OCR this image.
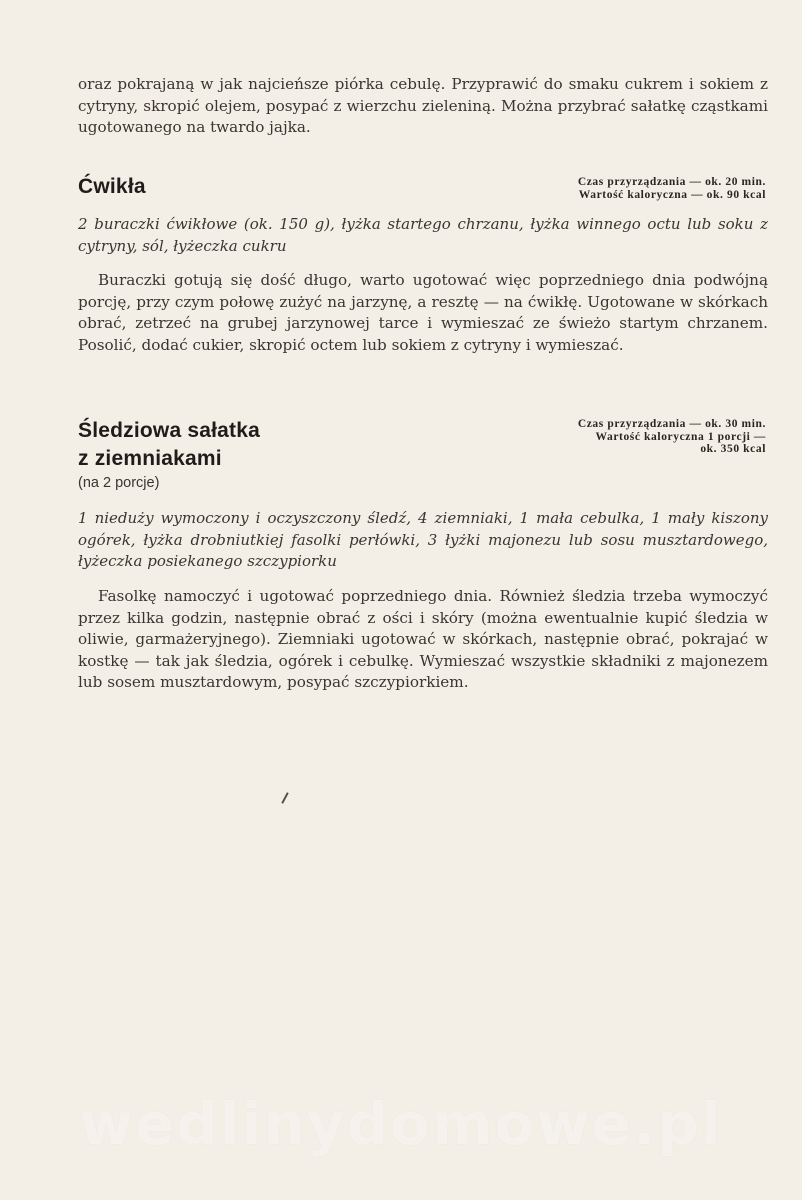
oraz pokrajaną w jak najcieńsze piórka cebulę. Przyprawić do smaku cukrem i sokiem z cytryny, skropić olejem, posypać z wierzchu zieleniną. Można przybrać sałatkę cząstkami ugotowanego na twardo jajka.

Ćwikła	Czas przyrządzania — ok. 20 min.
Wartość kaloryczna — ok. 90 kcal

2 buraczki ćwikłowe (ok. 150 g), łyżka startego chrzanu, łyżka winnego octu lub soku z cytryny, sól, łyżeczka cukru

Buraczki gotują się dość długo, warto ugotować więc poprzedniego dnia podwójną porcję, przy czym połowę zużyć na jarzynę, a resztę — na ćwikłę. Ugotowane w skórkach obrać, zetrzeć na grubej jarzynowej tarce i wymieszać ze świeżo startym chrzanem. Posolić, dodać cukier, skropić octem lub sokiem z cytryny i wymieszać.

Śledziowa sałatka
z ziemniakami

(na 2 porcje)

Czas przyrządzania — ok. 30 min.
Wartość kaloryczna 1 porcji —
ok. 350 kcal

1 nieduży wymoczony i oczyszczony śledź, 4 ziemniaki, 1 mała cebulka, 1 mały kiszony ogórek, łyżka drobniutkiej fasolki perłówki, 3 łyżki majonezu lub sosu musztardowego, łyżeczka posiekanego szczypiorku

Fasolkę namoczyć i ugotować poprzedniego dnia. Również śledzia trzeba wymoczyć przez kilka godzin, następnie obrać z ości i skóry (można ewentualnie kupić śledzia w oliwie, garmażeryjnego). Ziemniaki ugotować w skórkach, następnie obrać, pokrajać w kostkę — tak jak śledzia, ogórek i cebulkę. Wymieszać wszystkie składniki z majonezem lub sosem musztardowym, posypać szczypiorkiem.

wedlinydomowe.pl
